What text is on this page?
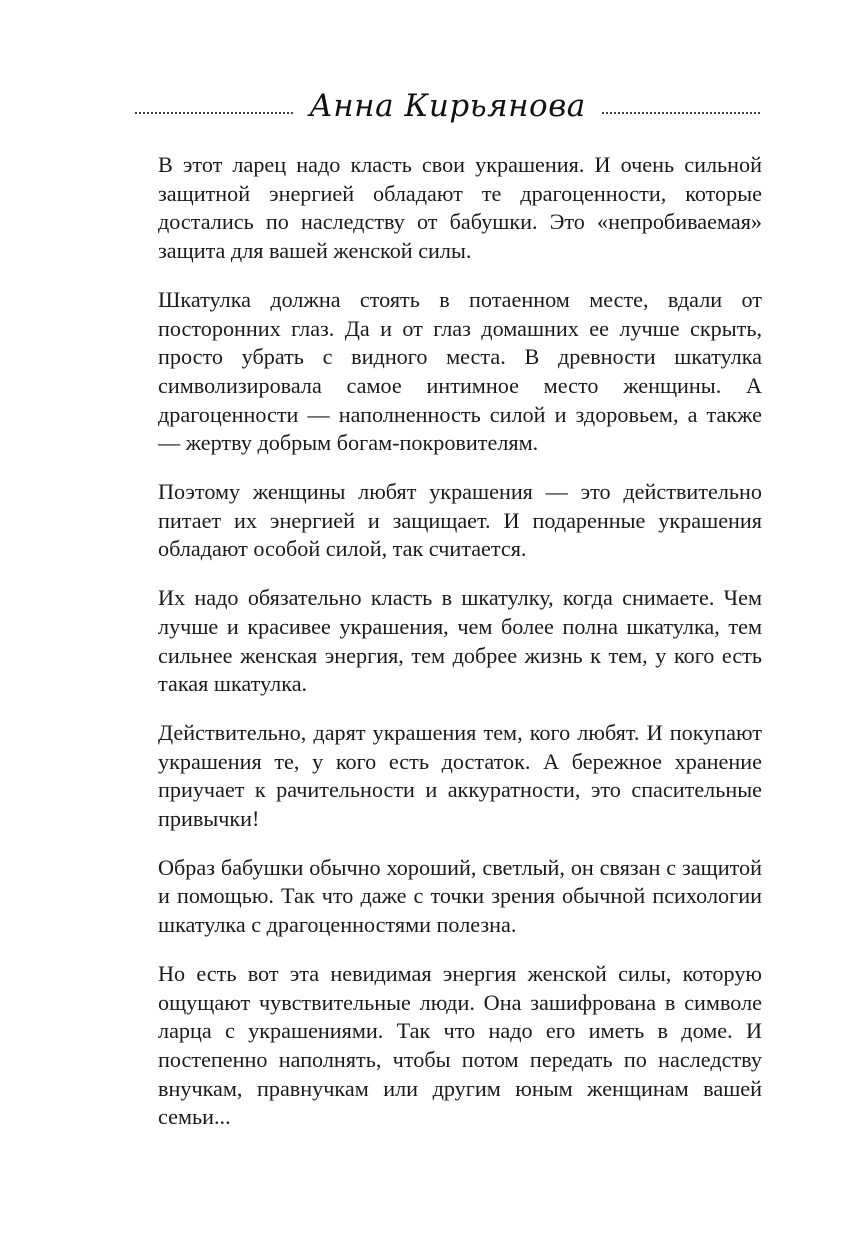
Анна Кирьянова

В этот ларец надо класть свои украшения. И очень сильной защитной энергией обладают те драгоценности, которые достались по наследству от бабушки. Это «непробиваемая» защита для вашей женской силы.

Шкатулка должна стоять в потаенном месте, вдали от посторонних глаз. Да и от глаз домашних ее лучше скрыть, просто убрать с видного места. В древности шкатулка символизировала самое интимное место женщины. А драгоценности — наполненность силой и здоровьем, а также — жертву добрым богам-покровителям.

Поэтому женщины любят украшения — это действительно питает их энергией и защищает. И подаренные украшения обладают особой силой, так считается.

Их надо обязательно класть в шкатулку, когда снимаете. Чем лучше и красивее украшения, чем более полна шкатулка, тем сильнее женская энергия, тем добрее жизнь к тем, у кого есть такая шкатулка.

Действительно, дарят украшения тем, кого любят. И покупают украшения те, у кого есть достаток. А бережное хранение приучает к рачительности и аккуратности, это спасительные привычки!

Образ бабушки обычно хороший, светлый, он связан с защитой и помощью. Так что даже с точки зрения обычной психологии шкатулка с драгоценностями полезна.

Но есть вот эта невидимая энергия женской силы, которую ощущают чувствительные люди. Она зашифрована в символе ларца с украшениями. Так что надо его иметь в доме. И постепенно наполнять, чтобы потом передать по наследству внучкам, правнучкам или другим юным женщинам вашей семьи...
